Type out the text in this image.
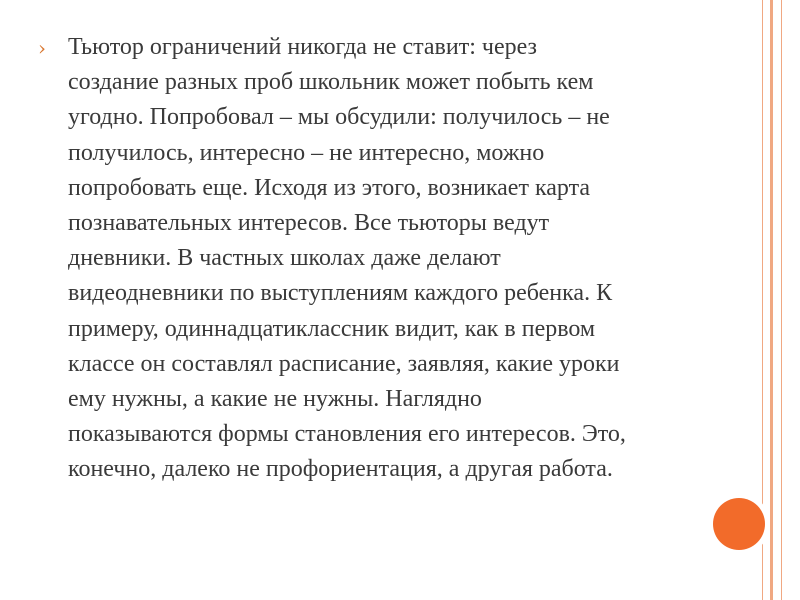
› Тьютор ограничений никогда не ставит: через
создание разных проб школьник может побыть кем
угодно. Попробовал – мы обсудили: получилось – не
получилось, интересно – не интересно, можно
попробовать еще. Исходя из этого, возникает карта
познавательных интересов. Все тьюторы ведут
дневники. В частных школах даже делают
видеодневники по выступлениям каждого ребенка. К
примеру, одиннадцатиклассник видит, как в первом
классе он составлял расписание, заявляя, какие уроки
ему нужны, а какие не нужны. Наглядно
показываются формы становления его интересов. Это,
конечно, далеко не профориентация, а другая работа.
